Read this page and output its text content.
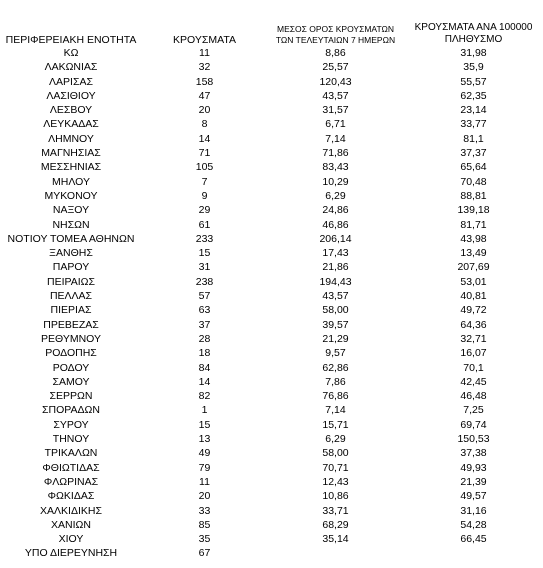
ΠΕΡΙΦΕΡΕΙΑΚΗ ΕΝΟΤΗΤΑ	ΚΡΟΥΣΜΑΤΑ	ΜΕΣΟΣ ΟΡΟΣ ΚΡΟΥΣΜΑΤΩΝ
ΤΩΝ ΤΕΛΕΥΤΑΙΩΝ 7 ΗΜΕΡΩΝ	ΚΡΟΥΣΜΑΤΑ ΑΝΑ 100000
ΠΛΗΘΥΣΜΟ

ΚΩ	11	8,86	31,98
ΛΑΚΩΝΙΑΣ	32	25,57	35,9
ΛΑΡΙΣΑΣ	158	120,43	55,57
ΛΑΣΙΘΙΟΥ	47	43,57	62,35
ΛΕΣΒΟΥ	20	31,57	23,14
ΛΕΥΚΑΔΑΣ	8	6,71	33,77
ΛΗΜΝΟΥ	14	7,14	81,1
ΜΑΓΝΗΣΙΑΣ	71	71,86	37,37
ΜΕΣΣΗΝΙΑΣ	105	83,43	65,64
ΜΗΛΟΥ	7	10,29	70,48
ΜΥΚΟΝΟΥ	9	6,29	88,81
ΝΑΞΟΥ	29	24,86	139,18
ΝΗΣΩΝ	61	46,86	81,71
ΝΟΤΙΟΥ ΤΟΜΕΑ ΑΘΗΝΩΝ	233	206,14	43,98
ΞΑΝΘΗΣ	15	17,43	13,49
ΠΑΡΟΥ	31	21,86	207,69
ΠΕΙΡΑΙΩΣ	238	194,43	53,01
ΠΕΛΛΑΣ	57	43,57	40,81
ΠΙΕΡΙΑΣ	63	58,00	49,72
ΠΡΕΒΕΖΑΣ	37	39,57	64,36
ΡΕΘΥΜΝΟΥ	28	21,29	32,71
ΡΟΔΟΠΗΣ	18	9,57	16,07
ΡΟΔΟΥ	84	62,86	70,1
ΣΑΜΟΥ	14	7,86	42,45
ΣΕΡΡΩΝ	82	76,86	46,48
ΣΠΟΡΑΔΩΝ	1	7,14	7,25
ΣΥΡΟΥ	15	15,71	69,74
ΤΗΝΟΥ	13	6,29	150,53
ΤΡΙΚΑΛΩΝ	49	58,00	37,38
ΦΘΙΩΤΙΔΑΣ	79	70,71	49,93
ΦΛΩΡΙΝΑΣ	11	12,43	21,39
ΦΩΚΙΔΑΣ	20	10,86	49,57
ΧΑΛΚΙΔΙΚΗΣ	33	33,71	31,16
ΧΑΝΙΩΝ	85	68,29	54,28
ΧΙΟΥ	35	35,14	66,45
ΥΠΟ ΔΙΕΡΕΥΝΗΣΗ	67		
